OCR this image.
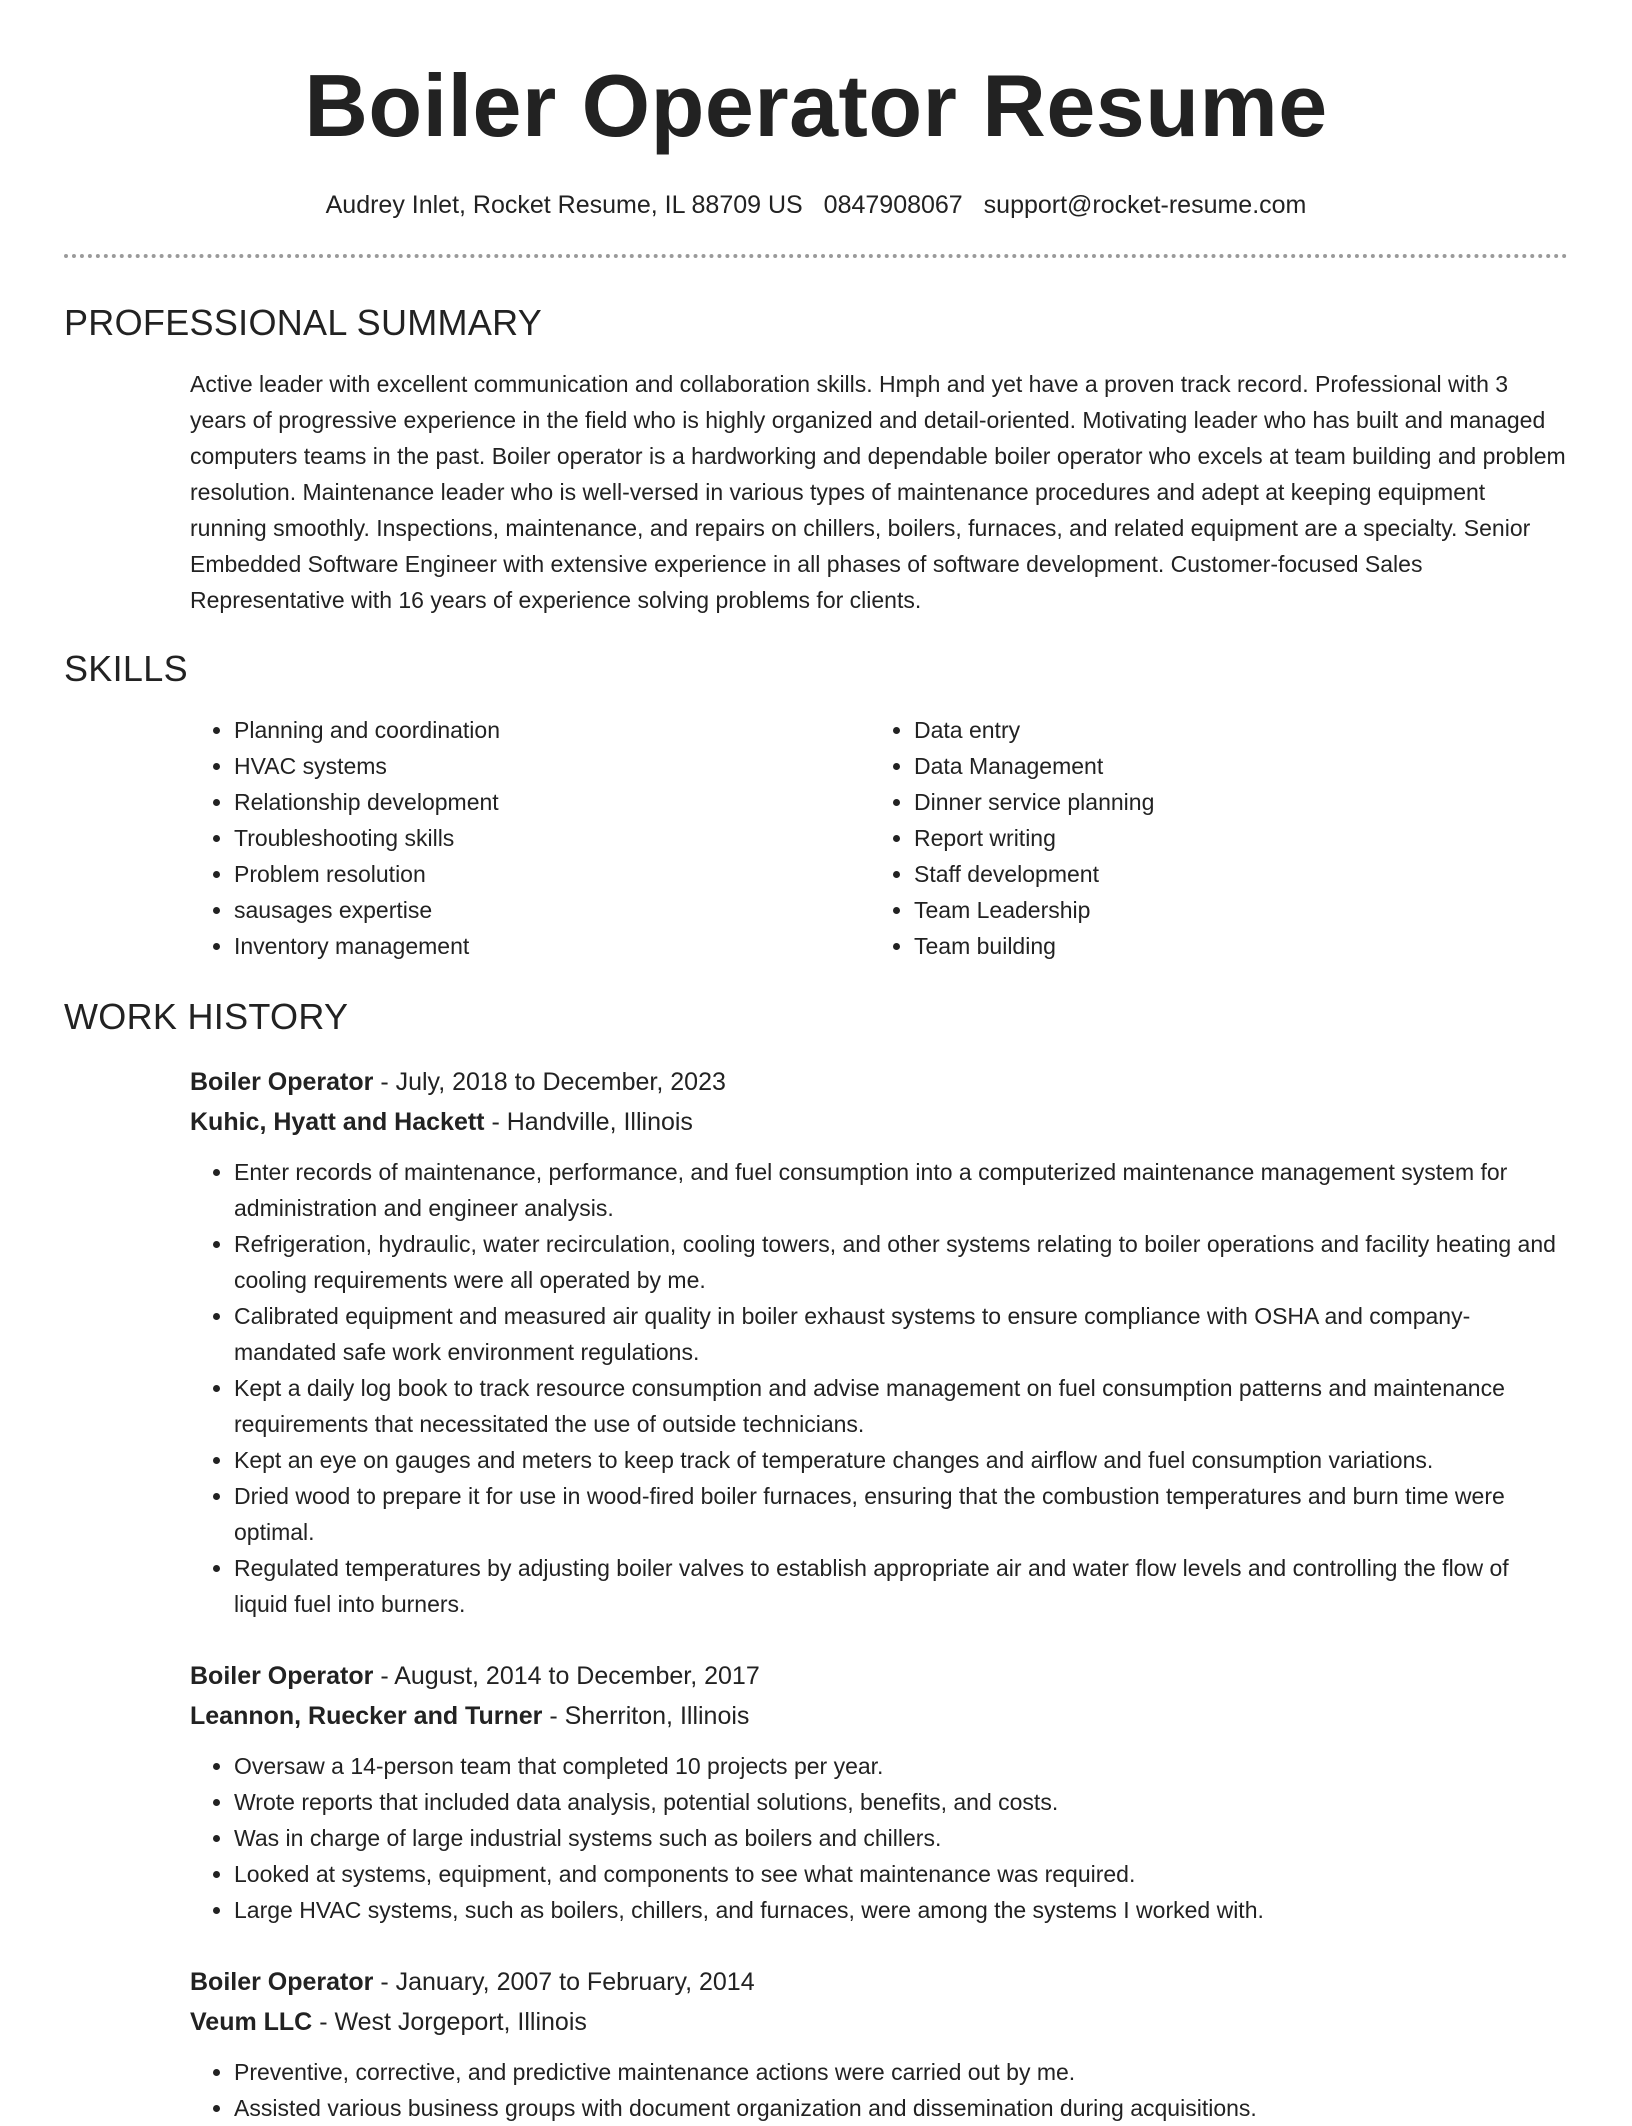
Boiler Operator Resume
Audrey Inlet, Rocket Resume, IL 88709 US 0847908067 support@rocket-resume.com
PROFESSIONAL SUMMARY

Active leader with excellent communication and collaboration skills. Hmph and yet have a proven track record. Professional with 3 years of progressive experience in the field who is highly organized and detail-oriented. Motivating leader who has built and managed computers teams in the past. Boiler operator is a hardworking and dependable boiler operator who excels at team building and problem resolution. Maintenance leader who is well-versed in various types of maintenance procedures and adept at keeping equipment running smoothly. Inspections, maintenance, and repairs on chillers, boilers, furnaces, and related equipment are a specialty. Senior Embedded Software Engineer with extensive experience in all phases of software development. Customer-focused Sales Representative with 16 years of experience solving problems for clients.

SKILLS
• Planning and coordination
• HVAC systems
• Relationship development
• Troubleshooting skills
• Problem resolution
• sausages expertise
• Inventory management
• Data entry
• Data Management
• Dinner service planning
• Report writing
• Staff development
• Team Leadership
• Team building
WORK HISTORY
Boiler Operator - July, 2018 to December, 2023
Kuhic, Hyatt and Hackett - Handville, Illinois
• Enter records of maintenance, performance, and fuel consumption into a computerized maintenance management system for administration and engineer analysis.
• Refrigeration, hydraulic, water recirculation, cooling towers, and other systems relating to boiler operations and facility heating and cooling requirements were all operated by me.
• Calibrated equipment and measured air quality in boiler exhaust systems to ensure compliance with OSHA and company-mandated safe work environment regulations.
• Kept a daily log book to track resource consumption and advise management on fuel consumption patterns and maintenance requirements that necessitated the use of outside technicians.
• Kept an eye on gauges and meters to keep track of temperature changes and airflow and fuel consumption variations.
• Dried wood to prepare it for use in wood-fired boiler furnaces, ensuring that the combustion temperatures and burn time were optimal.
• Regulated temperatures by adjusting boiler valves to establish appropriate air and water flow levels and controlling the flow of liquid fuel into burners.
Boiler Operator - August, 2014 to December, 2017
Leannon, Ruecker and Turner - Sherriton, Illinois
• Oversaw a 14-person team that completed 10 projects per year.
• Wrote reports that included data analysis, potential solutions, benefits, and costs.
• Was in charge of large industrial systems such as boilers and chillers.
• Looked at systems, equipment, and components to see what maintenance was required.
• Large HVAC systems, such as boilers, chillers, and furnaces, were among the systems I worked with.
Boiler Operator - January, 2007 to February, 2014
Veum LLC - West Jorgeport, Illinois
• Preventive, corrective, and predictive maintenance actions were carried out by me.
• Assisted various business groups with document organization and dissemination during acquisitions.
